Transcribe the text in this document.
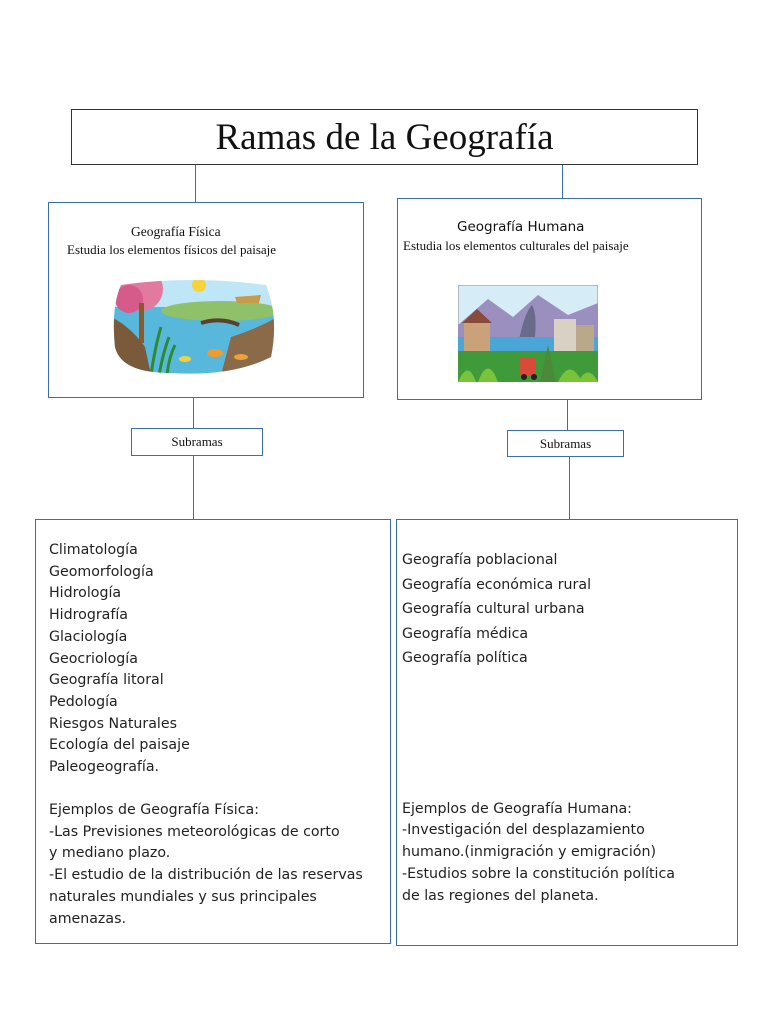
Ramas de la Geografía
Geografía Física
Estudia los elementos físicos del paisaje
Geografía Humana
Estudia los elementos culturales del paisaje
Subramas	Subramas
Climatología
Geomorfología
Hidrología
Hidrografía
Glaciología
Geocriología
Geografía litoral
Pedología
Riesgos Naturales
Ecología del paisaje
Paleogeografía.
Ejemplos de Geografía Física:
-Las Previsiones meteorológicas de corto
y mediano plazo.
-El estudio de la distribución de las reservas
naturales mundiales y sus principales
amenazas.
Geografía poblacional
Geografía económica rural
Geografía cultural urbana
Geografía médica
Geografía política
Ejemplos de Geografía Humana:
-Investigación del desplazamiento
humano.(inmigración y emigración)
-Estudios sobre la constitución política
de las regiones del planeta.
